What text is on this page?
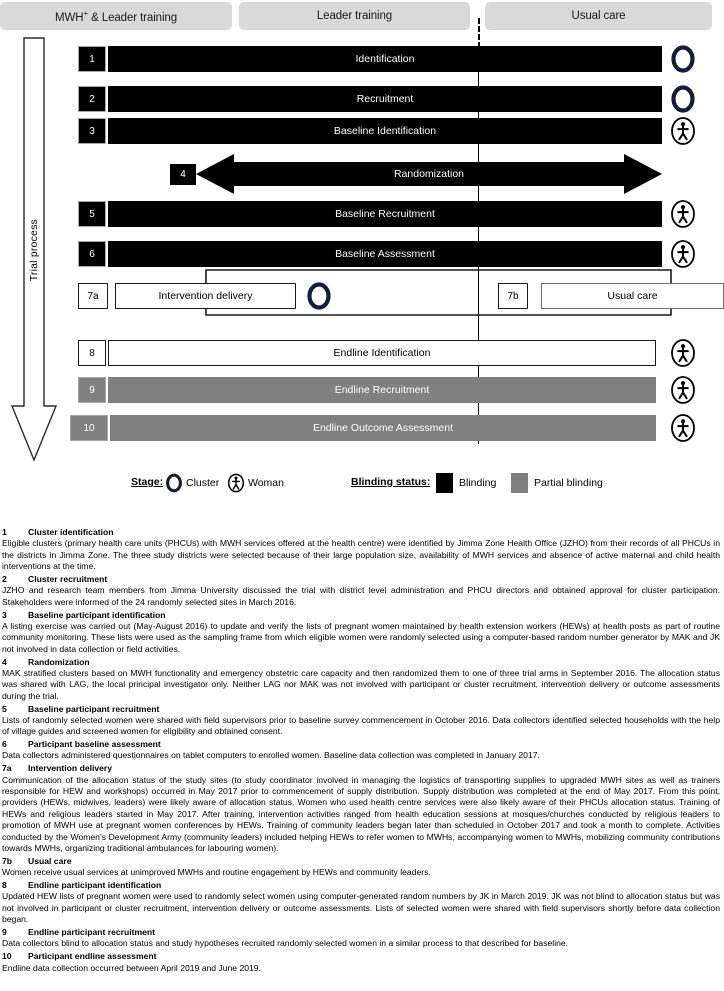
MWH+ & Leader training	Leader training	Usual care
Trial process
1	Identification
2	Recruitment
3	Baseline Identification
5	Baseline Recruitment
6	Baseline Assessment
8	Endline Identification
9	Endline Recruitment
10	Endline Outcome Assessment
4	Randomization
7a	Intervention delivery	7b	Usual care
Stage: Cluster	Woman	Blinding status:	Blinding	Partial blinding
1 Cluster identification
Eligible clusters (primary health care units (PHCUs) with MWH services offered at the health centre) were identified by Jimma Zone Health Office (JZHO) from their records of all PHCUs in the districts in Jimma Zone. The three study districts were selected because of their large population size, availability of MWH services and absence of active maternal and child health interventions at the time.
2 Cluster recruitment
JZHO and research team members from Jimma University discussed the trial with district level administration and PHCU directors and obtained approval for cluster participation. Stakeholders were informed of the 24 randomly selected sites in March 2016.
3 Baseline participant identification
A listing exercise was carried out (May-August 2016) to update and verify the lists of pregnant women maintained by health extension workers (HEWs) at health posts as part of routine community monitoring. These lists were used as the sampling frame from which eligible women were randomly selected using a computer-based random number generator by MAK and JK not involved in data collection or field activities.
4 Randomization
MAK stratified clusters based on MWH functionality and emergency obstetric care capacity and then randomized them to one of three trial arms in September 2016. The allocation status was shared with LAG, the local principal investigator only. Neither LAG nor MAK was not involved with participant or cluster recruitment, intervention delivery or outcome assessments during the trial.
5 Baseline participant recruitment
Lists of randomly selected women were shared with field supervisors prior to baseline survey commencement in October 2016. Data collectors identified selected households with the help of village guides and screened women for eligibility and obtained consent.
6 Participant baseline assessment
Data collectors administered questionnaires on tablet computers to enrolled women. Baseline data collection was completed in January 2017.
7a Intervention delivery
Communication of the allocation status of the study sites (to study coordinator involved in managing the logistics of transporting supplies to upgraded MWH sites as well as trainers responsible for HEW and workshops) occurred in May 2017 prior to commencement of supply distribution. Supply distribution was completed at the end of May 2017. From this point, providers (HEWs, midwives, leaders) were likely aware of allocation status. Women who used health centre services were also likely aware of their PHCUs allocation status. Training of HEWs and religious leaders started in May 2017. After training, intervention activities ranged from health education sessions at mosques/churches conducted by religious leaders to promotion of MWH use at pregnant women conferences by HEWs. Training of community leaders began later than scheduled in October 2017 and took a month to complete. Activities conducted by the Women’s Development Army (community leaders) included helping HEWs to refer women to MWHs, accompanying women to MWHs, mobilizing community contributions towards MWHs, organizing traditional ambulances for labouring women).
7b Usual care
Women receive usual services at unimproved MWHs and routine engagement by HEWs and community leaders.
8 Endline participant identification
Updated HEW lists of pregnant women were used to randomly select women using computer-generated random numbers by JK in March 2019. JK was not blind to allocation status but was not involved in participant or cluster recruitment, intervention delivery or outcome assessments. Lists of selected women were shared with field supervisors shortly before data collection began.
9 Endline participant recruitment
Data collectors blind to allocation status and study hypotheses recruited randomly selected women in a similar process to that described for baseline.
10 Participant endline assessment
Endline data collection occurred between April 2019 and June 2019.
